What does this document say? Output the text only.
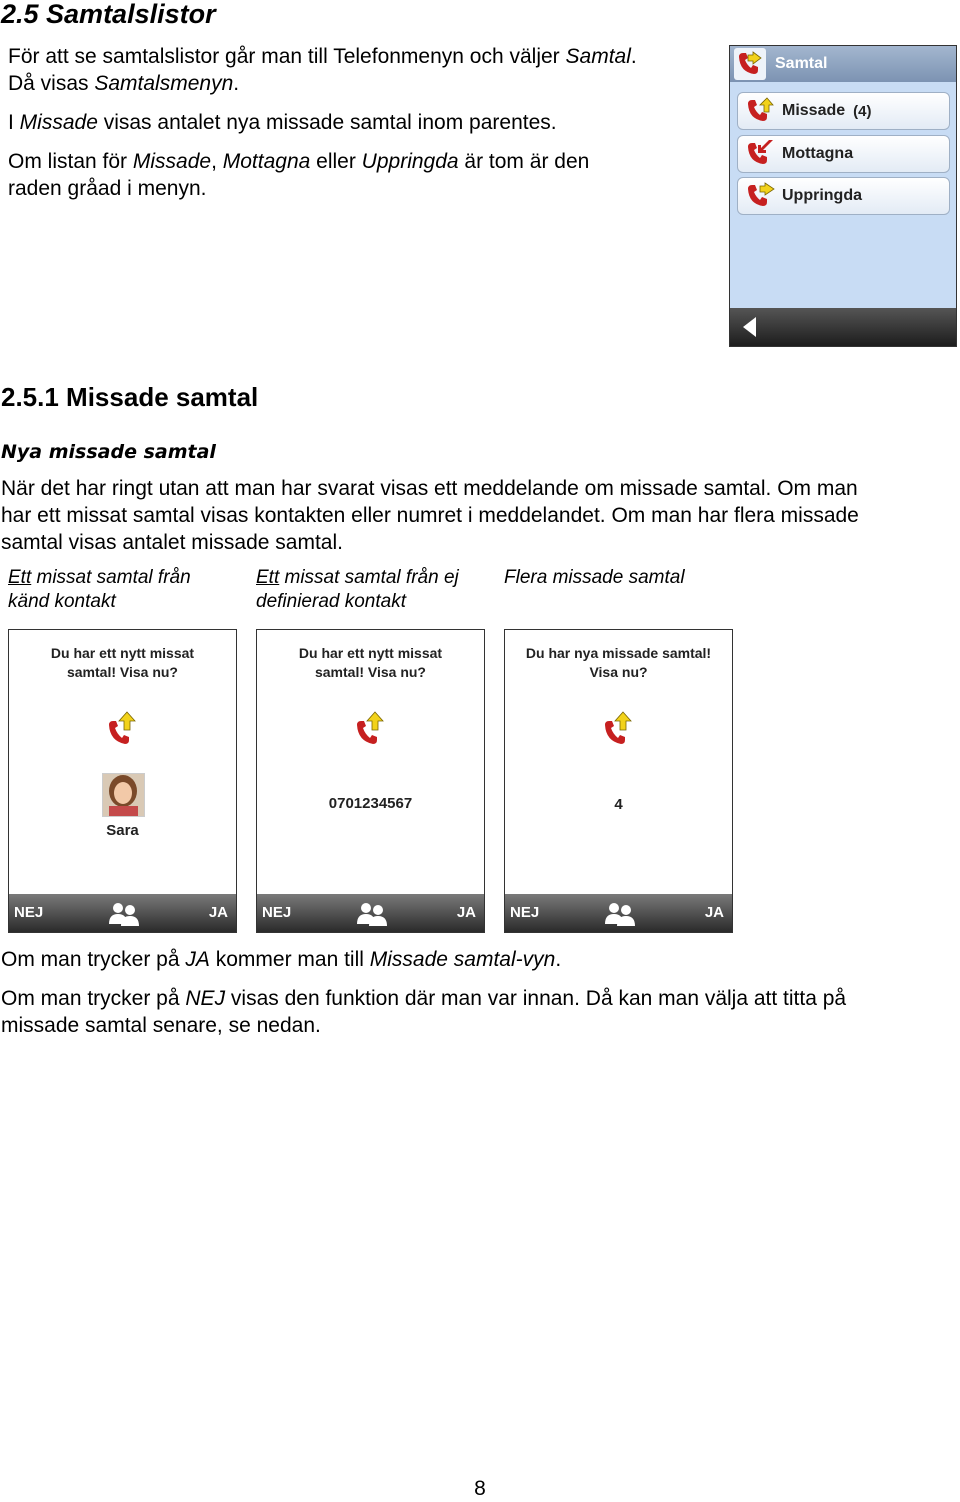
2.5 Samtalslistor
För att se samtalslistor går man till Telefonmenyn och väljer Samtal.
Då visas Samtalsmenyn.
I Missade visas antalet nya missade samtal inom parentes.
Om listan för Missade, Mottagna eller Uppringda är tom är den
raden gråad i menyn.
Samtal
Missade (4)
Mottagna
Uppringda
2.5.1 Missade samtal
Nya missade samtal
När det har ringt utan att man har svarat visas ett meddelande om missade samtal. Om man
har ett missat samtal visas kontakten eller numret i meddelandet. Om man har flera missade
samtal visas antalet missade samtal.
Ett missat samtal från
känd kontakt
Ett missat samtal från ej
definierad kontakt
Flera missade samtal
Du har ett nytt missat
samtal! Visa nu?
Sara
NEJ	JA
Du har ett nytt missat
samtal! Visa nu?
0701234567
NEJ	JA
Du har nya missade samtal!
Visa nu?
4
NEJ	JA
Om man trycker på JA kommer man till Missade samtal-vyn.
Om man trycker på NEJ visas den funktion där man var innan. Då kan man välja att titta på
missade samtal senare, se nedan.
8
